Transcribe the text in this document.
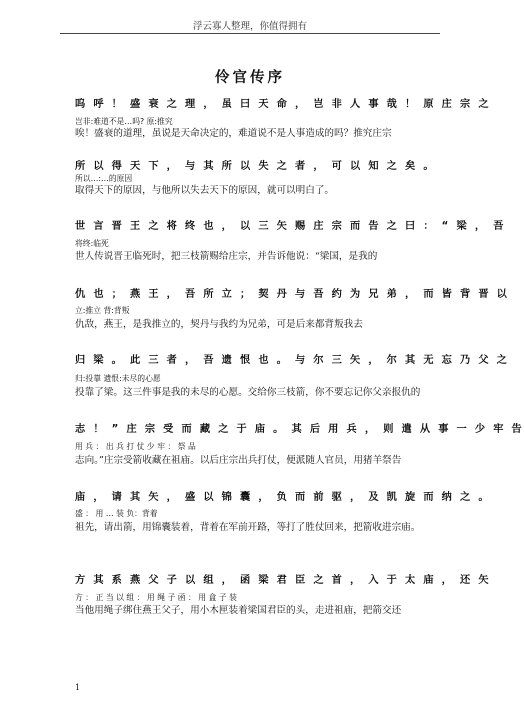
浮云寡人整理，你值得拥有
伶官传序
呜 呼 ！ 盛 衰 之 理 ， 虽 曰 天 命 ， 岂 非 人 事 哉 ！ 原 庄 宗 之
岂非:难道不是…吗? 原:推究
唉！盛衰的道理，虽说是天命决定的，难道说不是人事造成的吗？推究庄宗
所 以 得 天 下 ， 与 其 所 以 失 之 者 ， 可 以 知 之 矣 。
所以…:…的原因
取得天下的原因，与他所以失去天下的原因，就可以明白了。
世 言 晋 王 之 将 终 也 ， 以 三 矢 赐 庄 宗 而 告 之 曰 ： “ 梁 ， 吾
将终:临死
世人传说晋王临死时，把三枝箭赐给庄宗，并告诉他说：“梁国，是我的
仇 也 ； 燕 王 ， 吾 所 立 ； 契 丹 与 吾 约 为 兄 弟 ， 而 皆 背 晋 以
立:推立 背:背叛
仇敌，燕王，是我推立的，契丹与我约为兄弟，可是后来都背叛我去
归 梁 。 此 三 者 ， 吾 遗 恨 也 。 与 尔 三 矢 ， 尔 其 无 忘 乃 父 之
归:投靠 遗恨:未尽的心愿
投靠了梁。这三件事是我的未尽的心愿。交给你三枝箭，你不要忘记你父亲报仇的
志 ！ ” 庄 宗 受 而 藏 之 于 庙 。 其 后 用 兵 ， 则 遣 从 事 一 少 牢 告
用 兵 ： 出 兵 打 仗 少 牢 ： 祭 品
志向。”庄宗受箭收藏在祖庙。以后庄宗出兵打仗，便派随人官员，用猪羊祭告
庙 ， 请 其 矢 ， 盛 以 锦 囊 ， 负 而 前 驱 ， 及 凯 旋 而 纳 之 。
盛 ： 用 … 装 负：背着
祖先，请出箭，用锦囊装着，背着在军前开路，等打了胜仗回来，把箭收进宗庙。
方 其 系 燕 父 子 以 组 ， 函 梁 君 臣 之 首 ， 入 于 太 庙 ， 还 矢
方 ： 正 当 以 组 ： 用 绳 子 函 ： 用 盒 子 装
当他用绳子绑住燕王父子，用小木匣装着梁国君臣的头，走进祖庙，把箭交还
1
